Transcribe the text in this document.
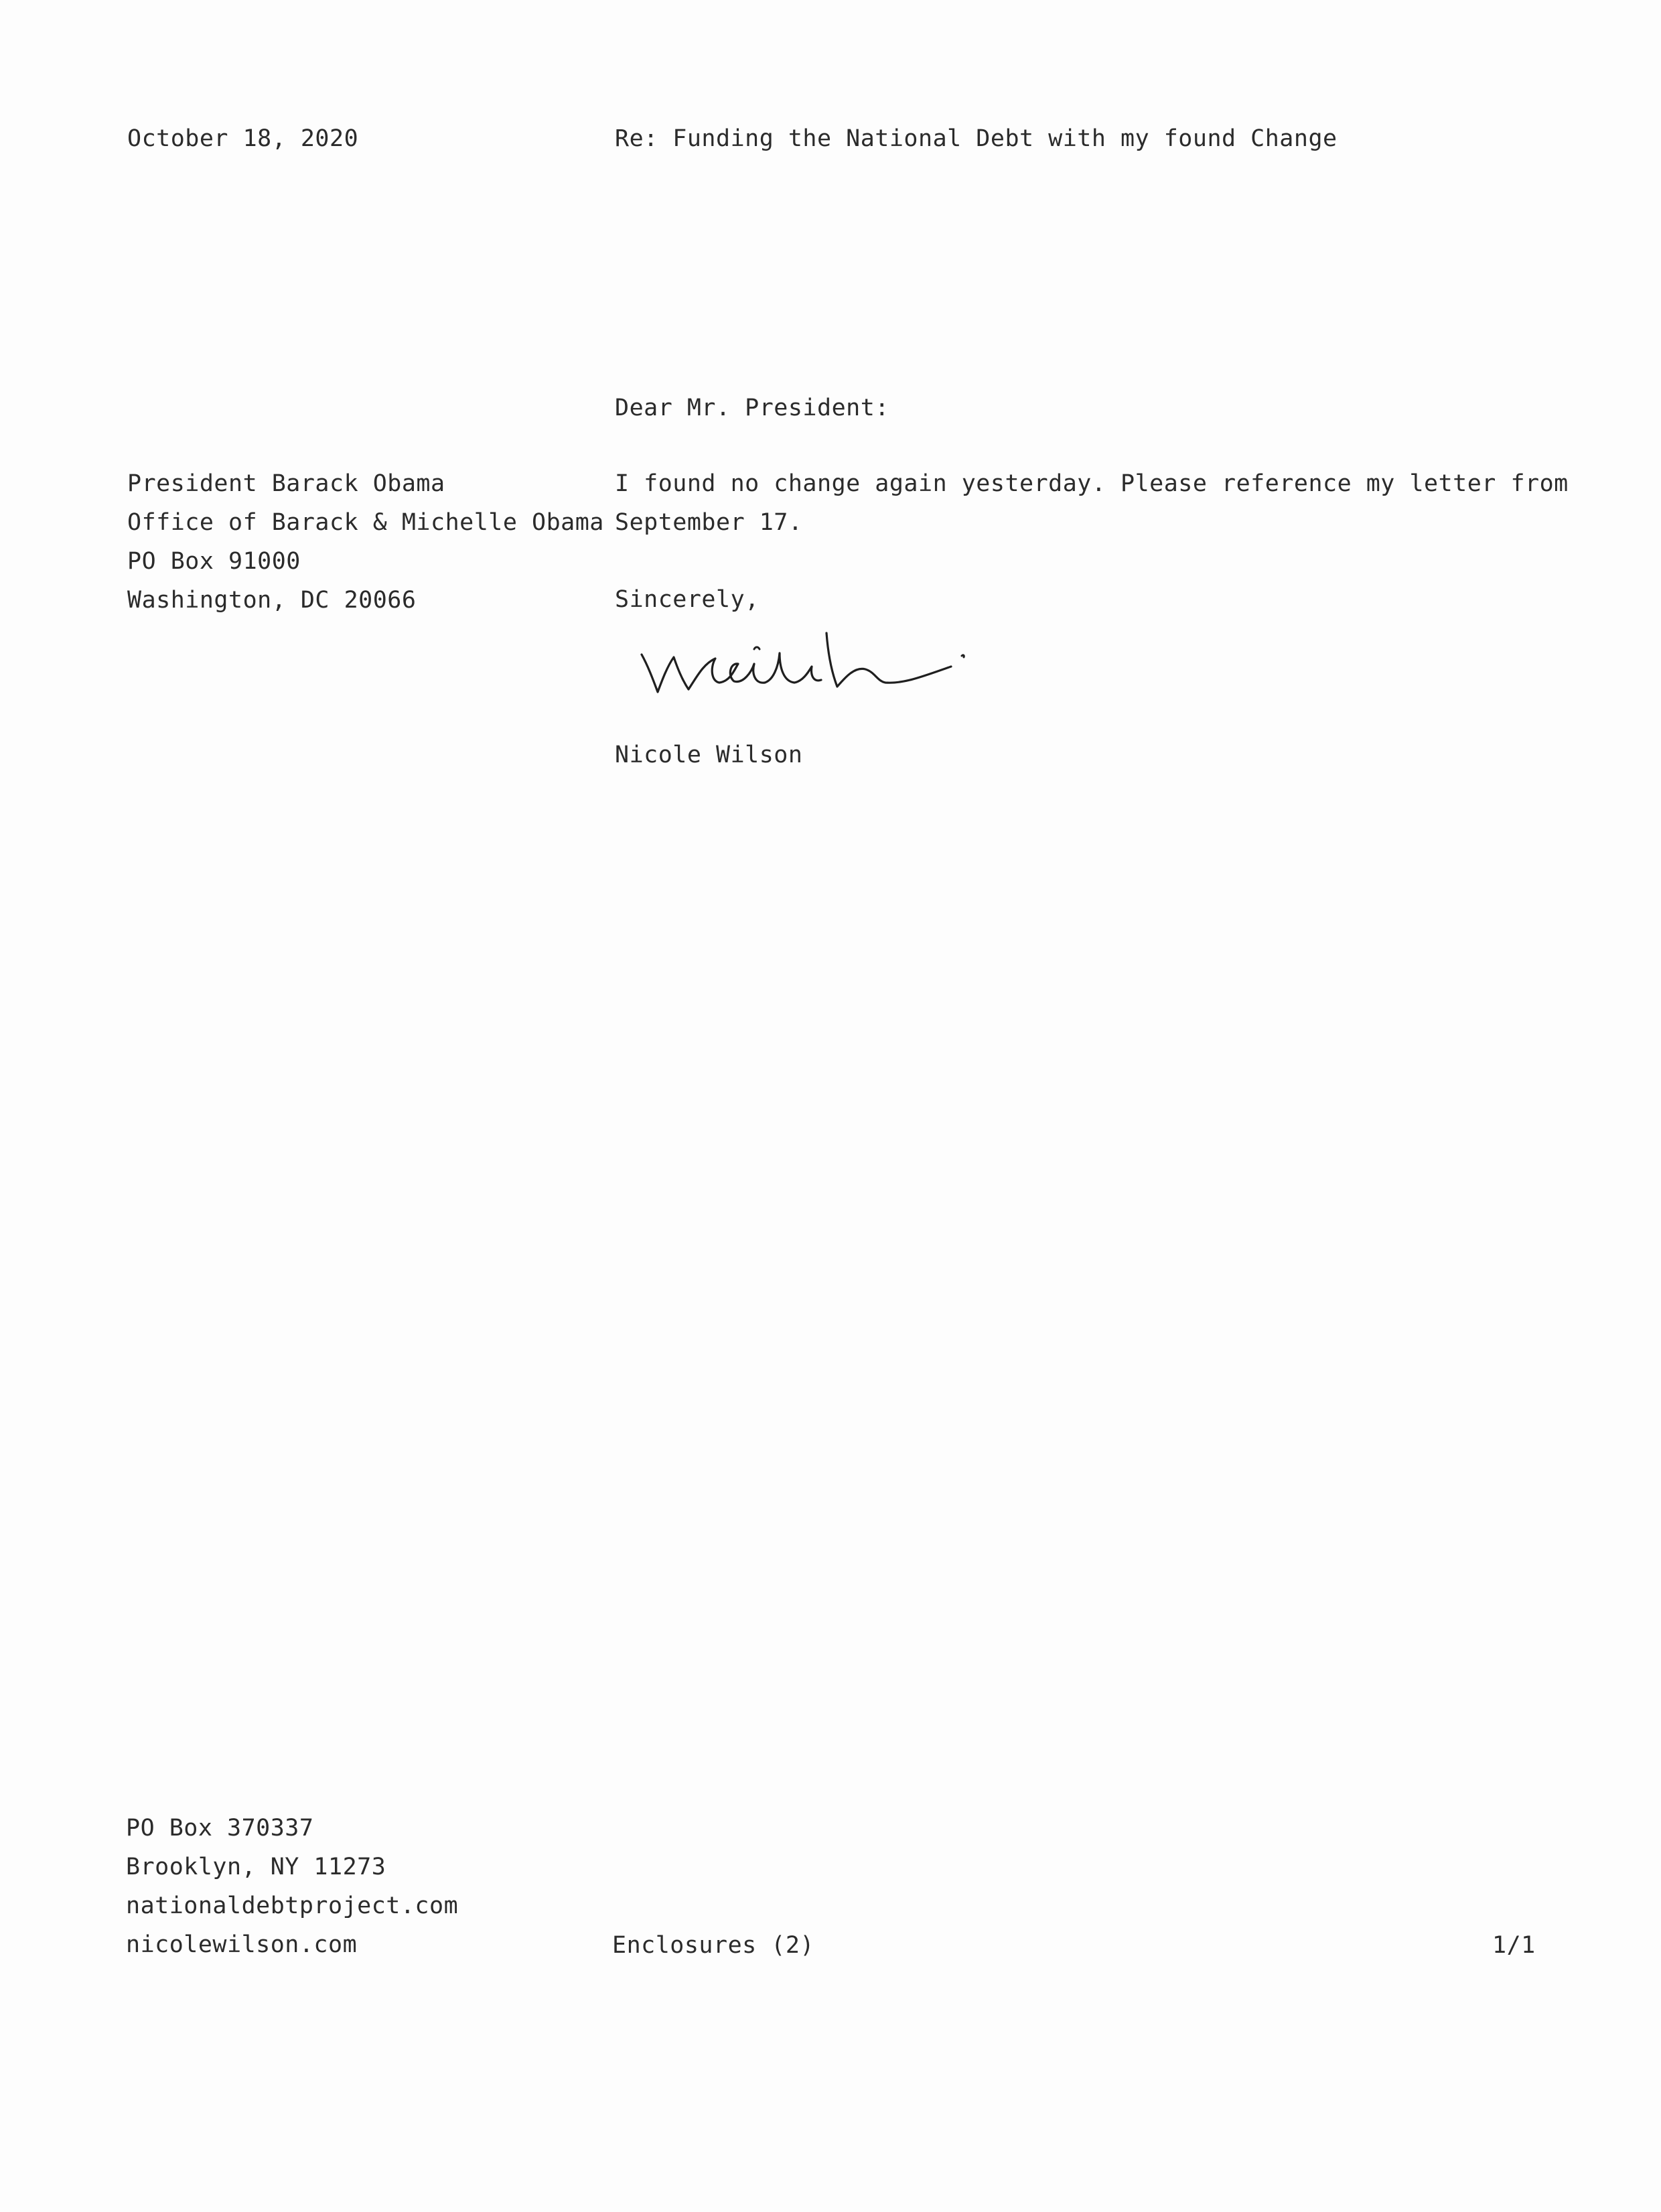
October 18, 2020	Re: Funding the National Debt with my found Change
Dear Mr. President:
President Barack Obama
Office of Barack & Michelle Obama
PO Box 91000
Washington, DC 20066
I found no change again yesterday. Please reference my letter from
September 17.
Sincerely,
Nicole Wilson
PO Box 370337
Brooklyn, NY 11273
nationaldebtproject.com
nicolewilson.com	Enclosures (2)	1/1
